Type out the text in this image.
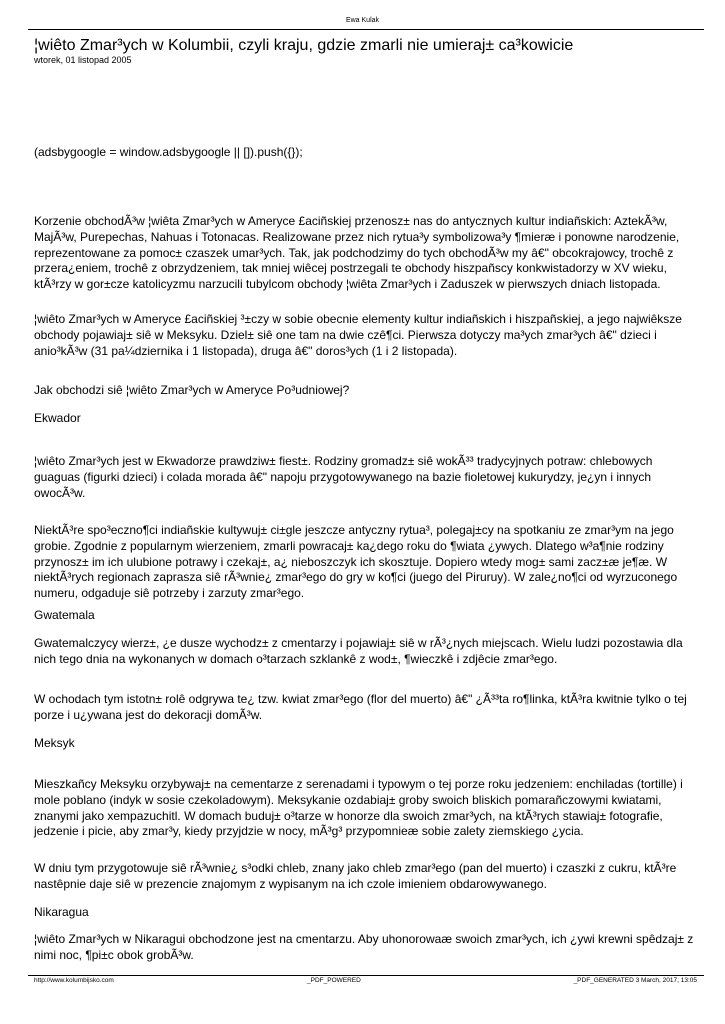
Ewa Kulak
¦wiêto Zmar³ych w Kolumbii, czyli kraju, gdzie zmarli nie umieraj± ca³kowicie
wtorek, 01 listopad 2005

(adsbygoogle = window.adsbygoogle || []).push({});

Korzenie obchodÃ³w ¦wiêta Zmar³ych w Ameryce £aciñskiej przenosz± nas do antycznych kultur indiañskich: AztekÃ³w, MajÃ³w, Purepechas, Nahuas i Totonacas. Realizowane przez nich rytua³y symbolizowa³y ¶mieræ i ponowne narodzenie, reprezentowane za pomoc± czaszek umar³ych. Tak, jak podchodzimy do tych obchodÃ³w my â€" obcokrajowcy, trochê z przera¿eniem, trochê z obrzydzeniem, tak mniej wiêcej postrzegali te obchody hiszpañscy konkwistadorzy w XV wieku, ktÃ³rzy w gor±cze katolicyzmu narzucili tubylcom obchody ¦wiêta Zmar³ych i Zaduszek w pierwszych dniach listopada.

¦wiêto Zmar³ych w Ameryce £aciñskiej ³±czy w sobie obecnie elementy kultur indiañskich i hiszpañskiej, a jego najwiêksze obchody pojawiaj± siê w Meksyku. Dziel± siê one tam na dwie czê¶ci. Pierwsza dotyczy ma³ych zmar³ych â€" dzieci i anio³kÃ³w (31 pa¼dziernika i 1 listopada), druga â€" doros³ych (1 i 2 listopada).

Jak obchodzi siê ¦wiêto Zmar³ych w Ameryce Po³udniowej?

Ekwador

¦wiêto Zmar³ych jest w Ekwadorze prawdziw± fiest±. Rodziny gromadz± siê wokÃ³³ tradycyjnych potraw: chlebowych guaguas (figurki dzieci) i colada morada â€" napoju przygotowywanego na bazie fioletowej kukurydzy, je¿yn i innych owocÃ³w.

NiektÃ³re spo³eczno¶ci indiañskie kultywuj± ci±gle jeszcze antyczny rytua³, polegaj±cy na spotkaniu ze zmar³ym na jego grobie. Zgodnie z popularnym wierzeniem, zmarli powracaj± ka¿dego roku do ¶wiata ¿ywych. Dlatego w³a¶nie rodziny przynosz± im ich ulubione potrawy i czekaj±, a¿ nieboszczyk ich skosztuje. Dopiero wtedy mog± sami zacz±æ je¶æ. W niektÃ³rych regionach zaprasza siê rÃ³wnie¿ zmar³ego do gry w ko¶ci (juego del Piruruy). W zale¿no¶ci od wyrzuconego numeru, odgaduje siê potrzeby i zarzuty zmar³ego.

Gwatemala

Gwatemalczycy wierz±, ¿e dusze wychodz± z cmentarzy i pojawiaj± siê w rÃ³¿nych miejscach. Wielu ludzi pozostawia dla nich tego dnia na wykonanych w domach o³tarzach szklankê z wod±, ¶wieczkê i zdjêcie zmar³ego.

W ochodach tym istotn± rolê odgrywa te¿ tzw. kwiat zmar³ego (flor del muerto) â€" ¿Ã³³ta ro¶linka, ktÃ³ra kwitnie tylko o tej porze i u¿ywana jest do dekoracji domÃ³w.

Meksyk

Mieszkañcy Meksyku orzybywaj± na cementarze z serenadami i typowym o tej porze roku jedzeniem: enchiladas (tortille) i mole poblano (indyk w sosie czekoladowym). Meksykanie ozdabiaj± groby swoich bliskich pomarañczowymi kwiatami, znanymi jako xempazuchitl. W domach buduj± o³tarze w honorze dla swoich zmar³ych, na ktÃ³rych stawiaj± fotografie, jedzenie i picie, aby zmar³y, kiedy przyjdzie w nocy, mÃ³g³ przypomnieæ sobie zalety ziemskiego ¿ycia.

W dniu tym przygotowuje siê rÃ³wnie¿ s³odki chleb, znany jako chleb zmar³ego (pan del muerto) i czaszki z cukru, ktÃ³re nastêpnie daje siê w prezencie znajomym z wypisanym na ich czole imieniem obdarowywanego.

Nikaragua

¦wiêto Zmar³ych w Nikaragui obchodzone jest na cmentarzu. Aby uhonorowaæ swoich zmar³ych, ich ¿ywi krewni spêdzaj± z nimi noc, ¶pi±c obok grobÃ³w.

http://www.kolumbijsko.com	_PDF_POWERED	_PDF_GENERATED 3 March, 2017, 13:05
